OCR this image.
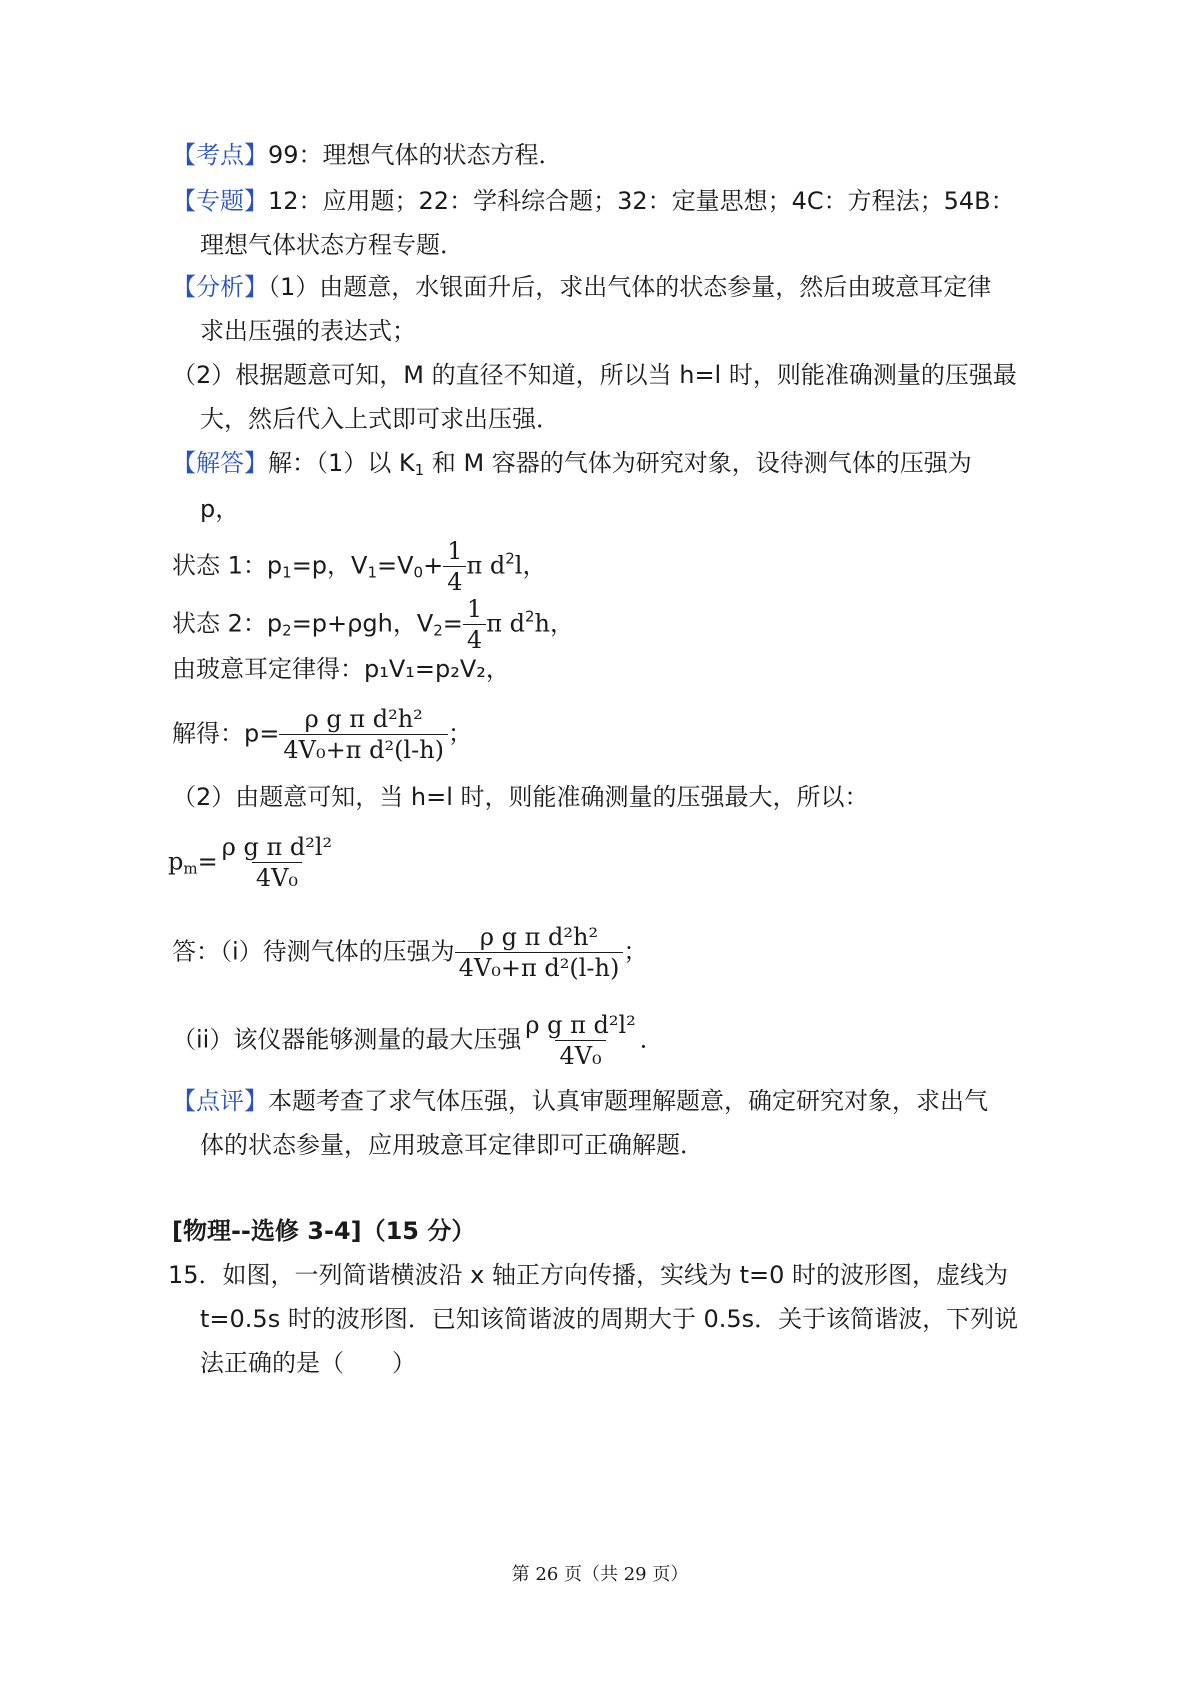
【考点】99：理想气体的状态方程．
【专题】12：应用题；22：学科综合题；32：定量思想；4C：方程法；54B：
理想气体状态方程专题．
【分析】（1）由题意，水银面升后，求出气体的状态参量，然后由玻意耳定律
求出压强的表达式；
（2）根据题意可知，M 的直径不知道，所以当 h=l 时，则能准确测量的压强最
大，然后代入上式即可求出压强．
【解答】解：（1）以 $K_1$ 和 M 容器的气体为研究对象，设待测气体的压强为
p，
状态 1：$p_1=p$，$V_1=V_0+ \frac{1}{4}$ π $d^2l$，
状态 2：$p_2=p+\rho gh$，$V_2= \frac{1}{4}$ π $d^2h$，
由玻意耳定律得：p₁V₁=p₂V₂，
解得：$p= \frac{\text{ρ g π d²h²}}{\text{4V₀+π d²(l-h)}}$ ；
（2）由题意可知，当 h=l 时，则能准确测量的压强最大，所以：
$p_m= \frac{\text{ρ g π d²l²}}{\text{4V₀}}$
答：（i）待测气体的压强为 $\frac{\text{ρ g π d²h²}}{\text{4V₀+π d²(l-h)}}$ ；
（ii）该仪器能够测量的最大压强 $\frac{\text{ρ g π d²l²}}{\text{4V₀}}$ ．
【点评】本题考查了求气体压强，认真审题理解题意，确定研究对象，求出气
体的状态参量，应用玻意耳定律即可正确解题．
[物理--选修 3-4]（15 分）
15．如图，一列简谐横波沿 x 轴正方向传播，实线为 t=0 时的波形图，虚线为
t=0.5s 时的波形图．已知该简谐波的周期大于 0.5s．关于该简谐波，下列说
法正确的是（　　）
第 26 页（共 29 页）
